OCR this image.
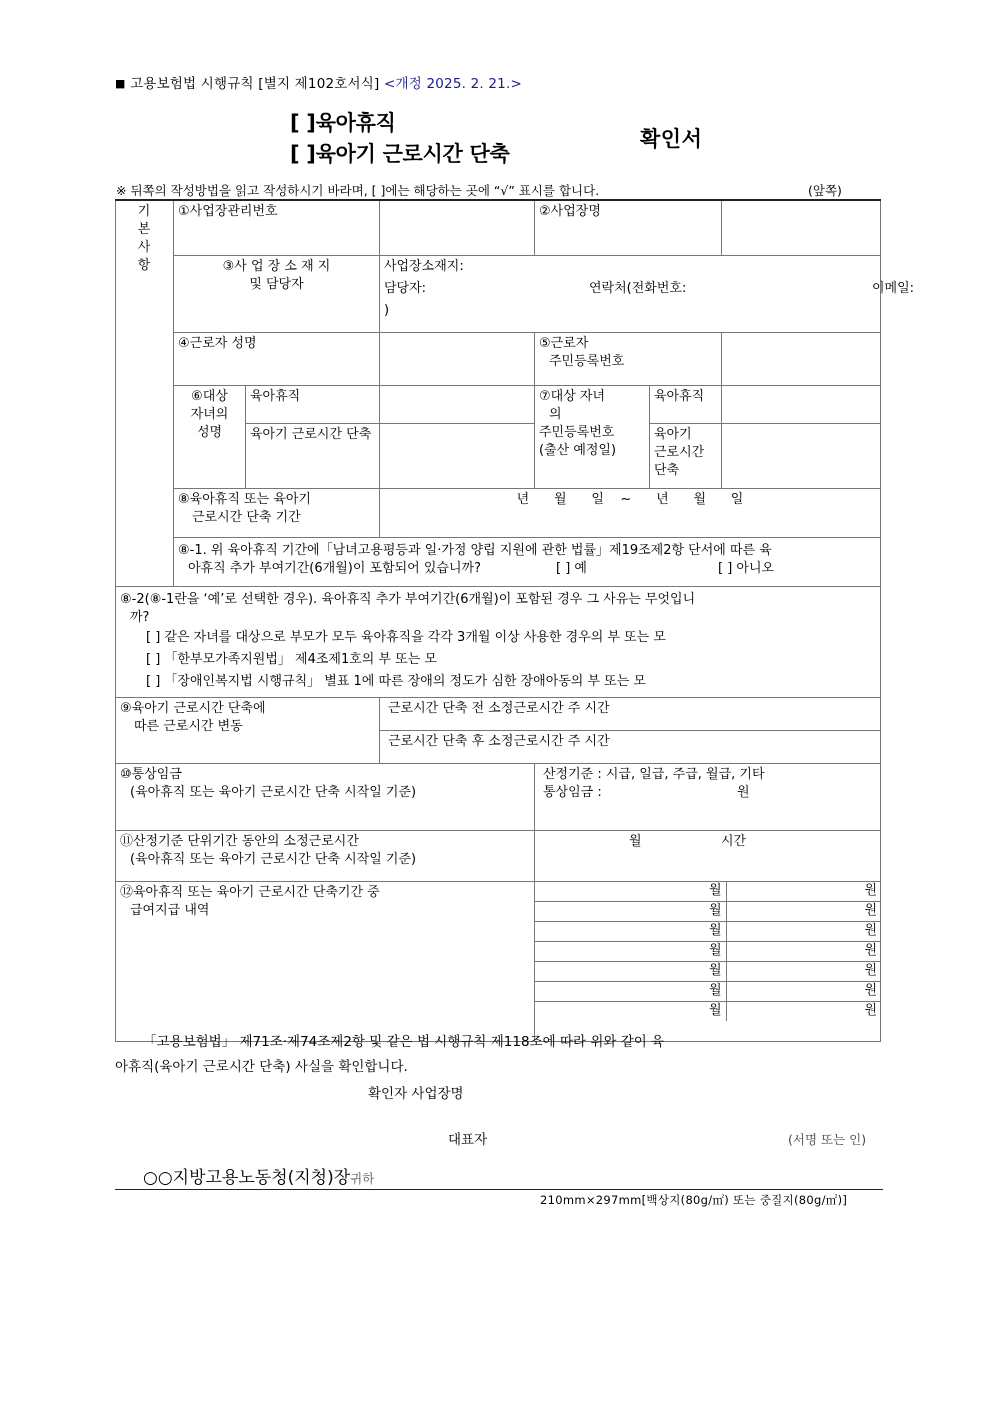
■ 고용보험법 시행규칙 [별지 제102호서식] <개정 2025. 2. 21.>
[ ]육아휴직
[ ]육아기 근로시간 단축
확인서
※ 뒤쪽의 작성방법을 읽고 작성하시기 바라며, [ ]에는 해당하는 곳에 “√” 표시를 합니다.	(앞쪽)
기
본
사
항
	①사업장관리번호		②사업장명	

③사 업 장 소 재 지
및 담당자

사업장소재지:
담당자:	연락처(전화번호:	이메일:
)

④근로자 성명		⑤근로자
주민등록번호	

⑥대상
자녀의
성명
	육아휴직		⑦대상 자녀
의
주민등록번호
(출산 예정일)
	육아휴직	
육아기 근로시간 단축		육아기 근로시간 단축	

⑧육아휴직 또는 육아기
근로시간 단축 기간	년      월      일    ~      년      월      일
⑧-1. 위 육아휴직 기간에「남녀고용평등과 일·가정 양립 지원에 관한 법률」제19조제2항 단서에 따른 육
아휴직 추가 부여기간(6개월)이 포함되어 있습니까?	[ ] 예	[ ] 아니오

⑧-2(⑧-1란을 ‘예’로 선택한 경우). 육아휴직 추가 부여기간(6개월)이 포함된 경우 그 사유는 무엇입니
까?
[ ] 같은 자녀를 대상으로 부모가 모두 육아휴직을 각각 3개월 이상 사용한 경우의 부 또는 모
[ ] 「한부모가족지원법」 제4조제1호의 부 또는 모
[ ] 「장애인복지법 시행규칙」 별표 1에 따른 장애의 정도가 심한 장애아동의 부 또는 모

⑨육아기 근로시간 단축에
따른 근로시간 변동	
근로시간 단축 전 소정근로시간 주 시간
근로시간 단축 후 소정근로시간 주 시간

⑩통상임금
(육아휴직 또는 육아기 근로시간 단축 시작일 기준)	
산정기준 : 시급, 일급, 주급, 월급, 기타
통상임금 :	원

⑪산정기준 단위기간 동안의 소정근로시간
(육아휴직 또는 육아기 근로시간 단축 시작일 기준)	
월	시간

⑫육아휴직 또는 육아기 근로시간 단축기간 중
급여지급 내역	
월	원
월	원
월	원
월	원
월	원
월	원
월	원
「고용보험법」 제71조·제74조제2항 및 같은 법 시행규칙 제118조에 따라 위와 같이 육
아휴직(육아기 근로시간 단축) 사실을 확인합니다.
확인자 사업장명
대표자	(서명 또는 인)
○○지방고용노동청(지청)장귀하
210mm×297mm[백상지(80g/㎡) 또는 중질지(80g/㎡)]
